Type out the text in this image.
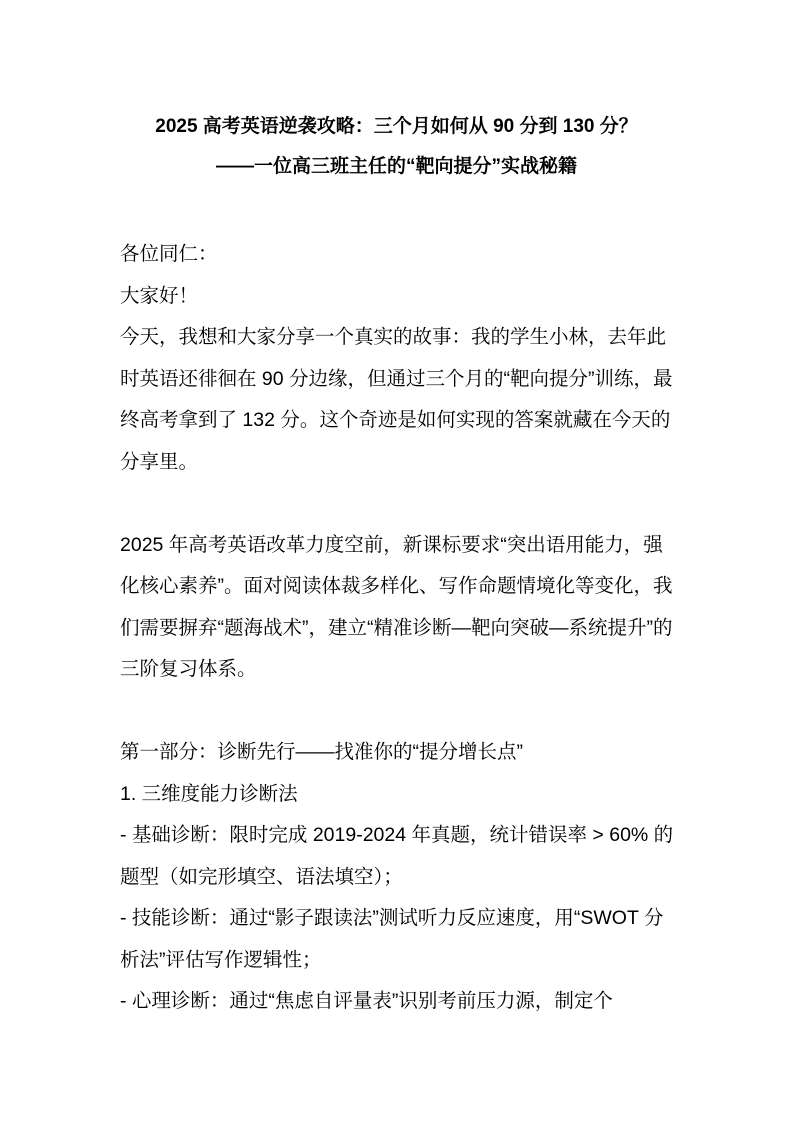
2025 高考英语逆袭攻略：三个月如何从 90 分到 130 分？
——一位高三班主任的“靶向提分”实战秘籍

各位同仁：

大家好！

今天，我想和大家分享一个真实的故事：我的学生小林，去年此时英语还徘徊在 90 分边缘，但通过三个月的“靶向提分”训练，最终高考拿到了 132 分。这个奇迹是如何实现的答案就藏在今天的分享里。

2025 年高考英语改革力度空前，新课标要求“突出语用能力，强化核心素养”。面对阅读体裁多样化、写作命题情境化等变化，我们需要摒弃“题海战术”，建立“精准诊断—靶向突破—系统提升”的三阶复习体系。

第一部分：诊断先行——找准你的“提分增长点”

1. 三维度能力诊断法

- 基础诊断：限时完成 2019-2024 年真题，统计错误率 > 60% 的题型（如完形填空、语法填空）；

- 技能诊断：通过“影子跟读法”测试听力反应速度，用“SWOT 分析法”评估写作逻辑性；

- 心理诊断：通过“焦虑自评量表”识别考前压力源，制定个
